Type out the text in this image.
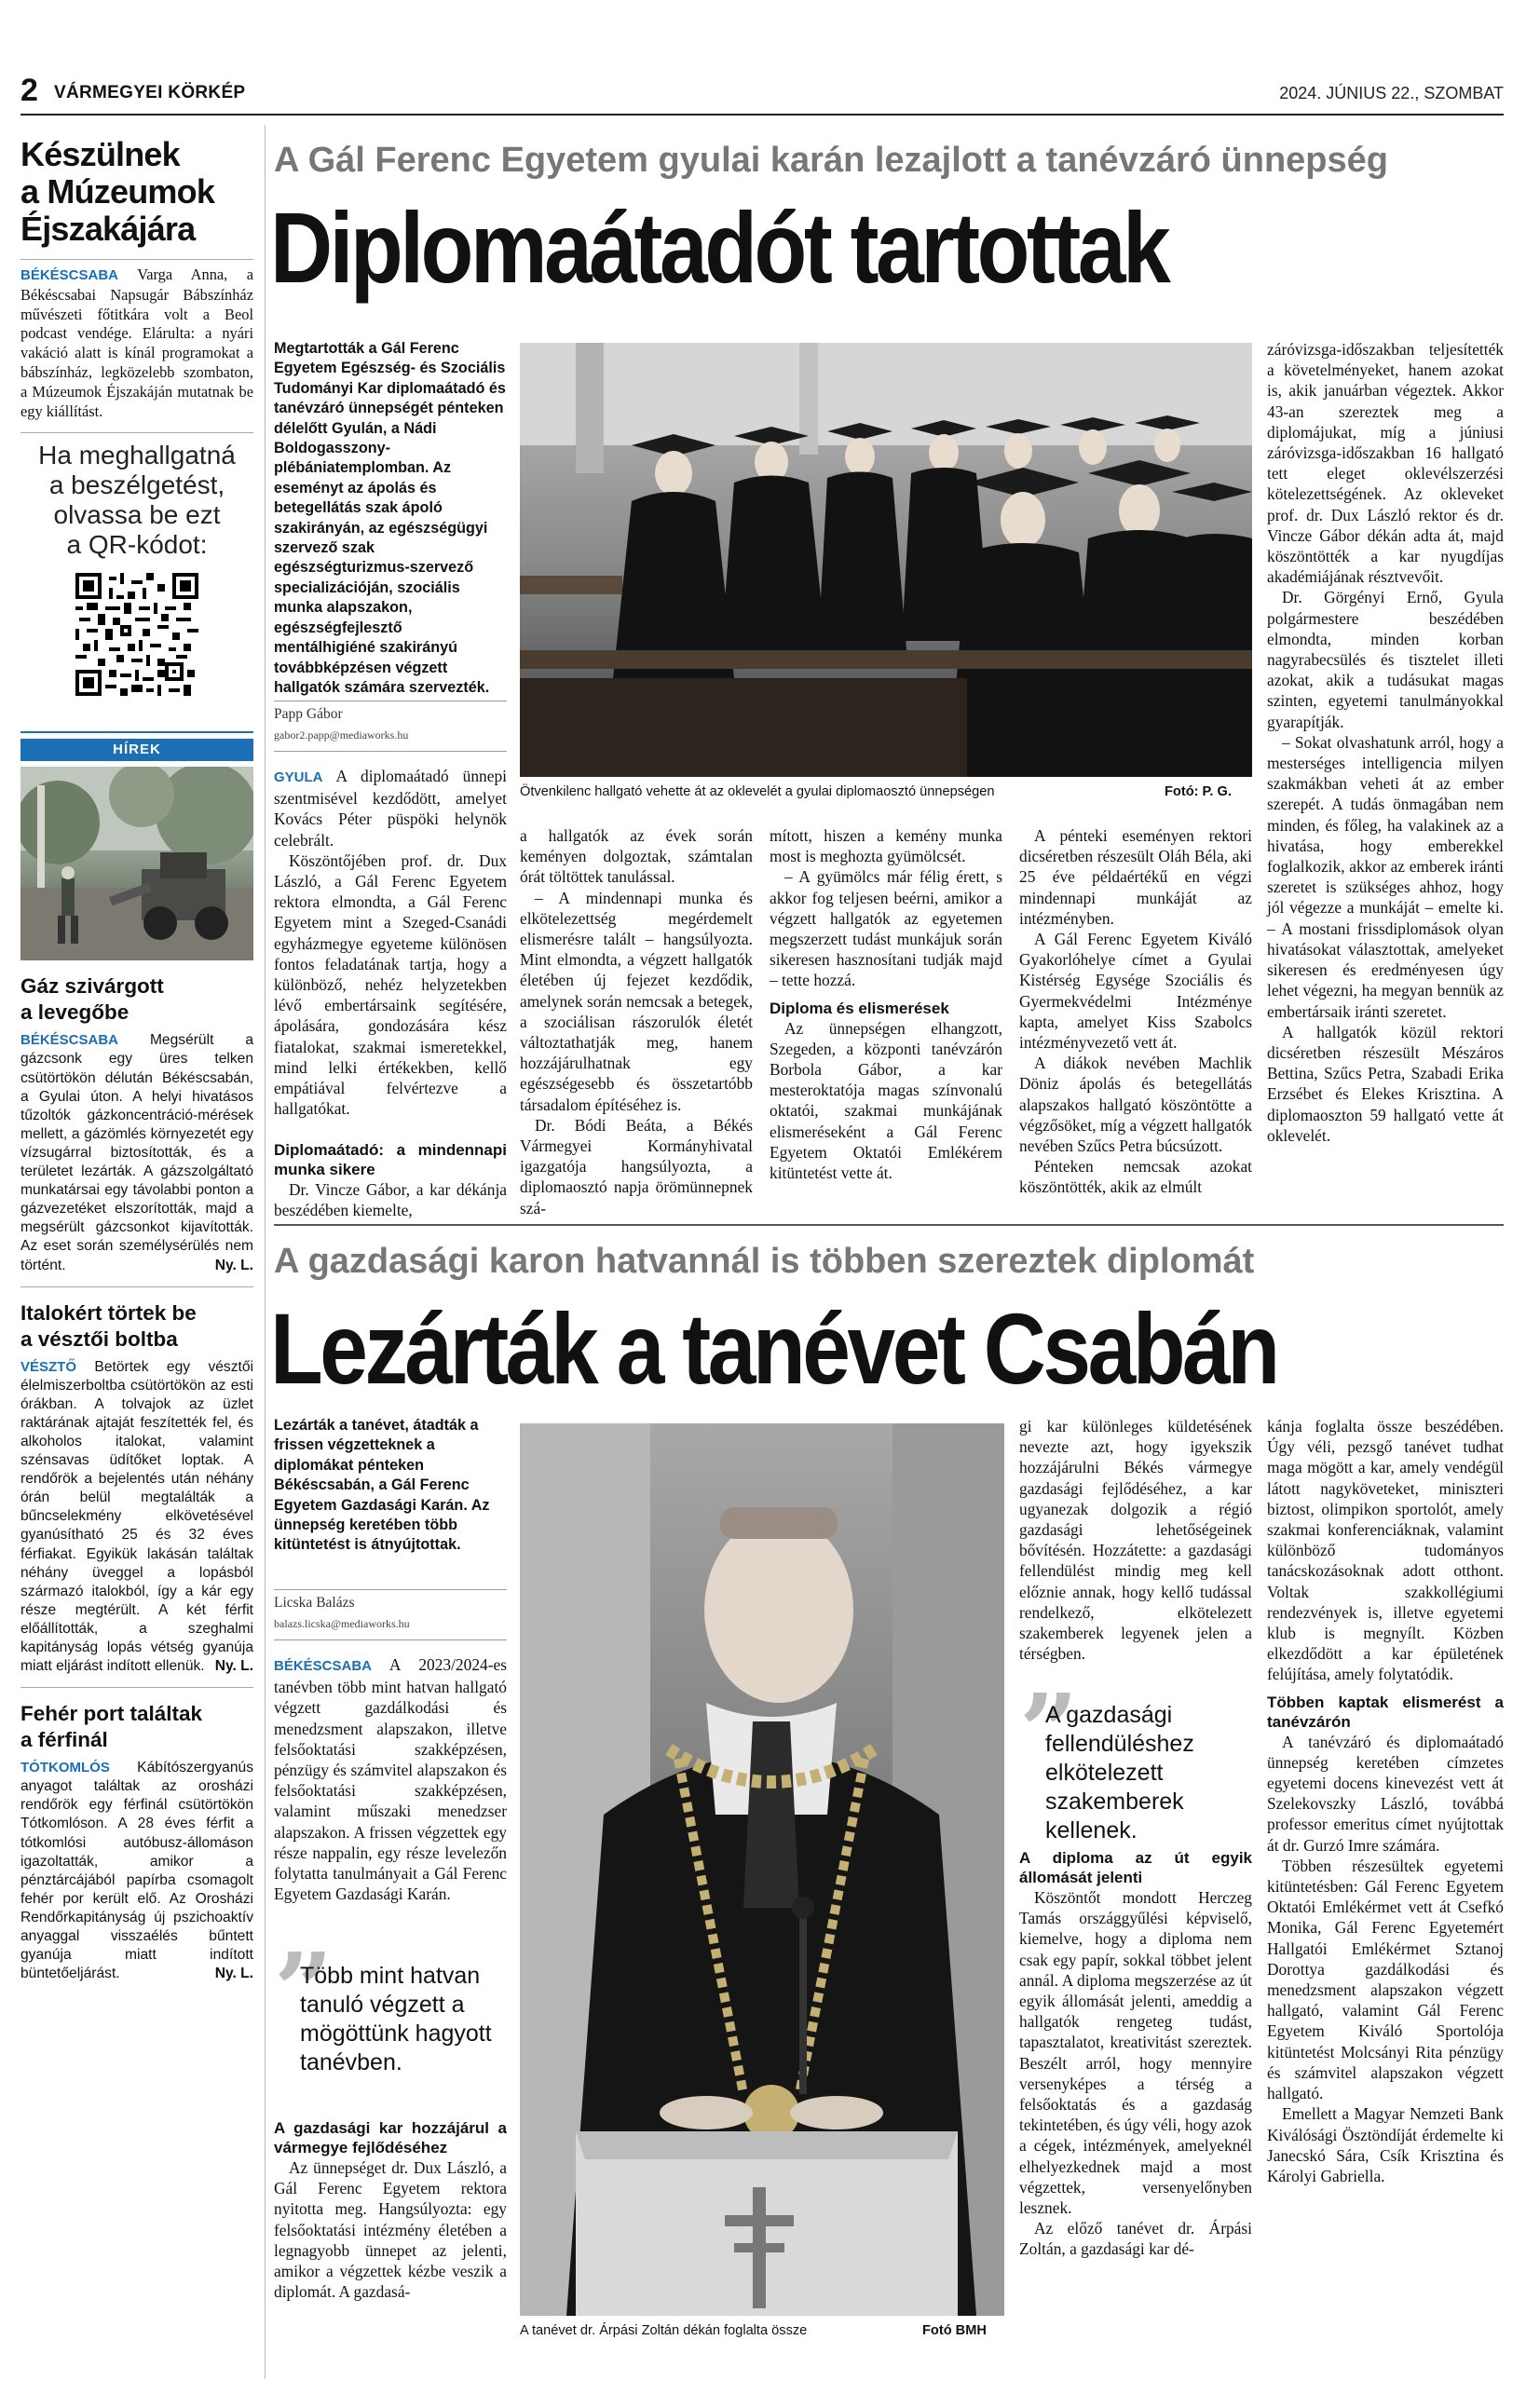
2 VÁRMEGYEI KÖRKÉP	2024. JÚNIUS 22., SZOMBAT
Készülnek
a Múzeumok
Éjszakájára
BÉKÉSCSABA Varga Anna, a Békéscsabai Napsugár Bábszínház művészeti főtitkára volt a Beol podcast vendége. Elárulta: a nyári vakáció alatt is kínál programokat a bábszínház, legközelebb szombaton, a Múzeumok Éjszakáján mutatnak be egy kiállítást.
Ha meghallgatná
a beszélgetést,
olvassa be ezt
a QR-kódot:
HÍREK
Gáz szivárgott
a levegőbe
BÉKÉSCSABA Megsérült a gázcsonk egy üres telken csütörtökön délután Békéscsabán, a Gyulai úton. A helyi hivatásos tűzoltók gázkoncentráció-mérések mellett, a gázömlés környezetét egy vízsugárral biztosították, és a területet lezárták. A gázszolgáltató munkatársai egy távolabbi ponton a gázvezetéket elszorították, majd a megsérült gázcsonkot kijavították. Az eset során személysérülés nem történt.	Ny. L.
Italokért törtek be
a vésztői boltba
VÉSZTŐ Betörtek egy vésztői élelmiszerboltba csütörtökön az esti órákban. A tolvajok az üzlet raktárának ajtaját feszítették fel, és alkoholos italokat, valamint szénsavas üdítőket loptak. A rendőrök a bejelentés után néhány órán belül megtalálták a bűncselekmény elkövetésével gyanúsítható 25 és 32 éves férfiakat. Egyikük lakásán találtak néhány üveggel a lopásból származó italokból, így a kár egy része megtérült. A két férfit előállították, a szeghalmi kapitányság lopás vétség gyanúja miatt eljárást indított ellenük. Ny. L.
Fehér port találtak
a férfinál
TÓTKOMLÓS Kábítószergyanús anyagot találtak az orosházi rendőrök egy férfinál csütörtökön Tótkomlóson. A 28 éves férfit a tótkomlósi autóbusz-állomáson igazoltatták, amikor a pénztárcájából papírba csomagolt fehér por került elő. Az Orosházi Rendőrkapitányság új pszichoaktív anyaggal visszaélés bűntett gyanúja miatt indított büntetőeljárást.	Ny. L.
A Gál Ferenc Egyetem gyulai karán lezajlott a tanévzáró ünnepség
Diplomaátadót tartottak
Megtartották a Gál Ferenc Egyetem Egészség- és Szociális Tudományi Kar diplomaátadó és tanévzáró ünnepségét pénteken délelőtt Gyulán, a Nádi Boldogasszony-plébániatemplomban. Az eseményt az ápolás és betegellátás szak ápoló szakirányán, az egészségügyi szervező szak egészségturizmus-szervező specializációján, szociális munka alapszakon, egészségfejlesztő mentálhigiéné szakirányú továbbképzésen végzett hallgatók számára szervezték.
Papp Gábor
gabor2.papp@mediaworks.hu
Ötvenkilenc hallgató vehette át az oklevelét a gyulai diplomaosztó ünnepségen	Fotó: P. G.

GYULA A diplomaátadó ünnepi szentmisével kezdődött, amelyet Kovács Péter püspöki helynök celebrált.

Köszöntőjében prof. dr. Dux László, a Gál Ferenc Egyetem rektora elmondta, a Gál Ferenc Egyetem mint a Szeged-Csanádi egyházmegye egyetemе különösen fontos feladatának tartja, hogy a különböző, nehéz helyzetekben lévő embertársaink segítésére, ápolására, gondozására kész fiatalokat, szakmai ismeretekkel, mind lelki értékekben, kellő empátiával felvértezve a hallgatókat.

Diplomaátadó: a mindennapi munka sikere

Dr. Vincze Gábor, a kar dékánja beszédében kiemelte,

a hallgatók az évek során keményen dolgoztak, számtalan órát töltöttek tanulással.

– A mindennapi munka és elkötelezettség megérdemelt elismerésre talált – hangsúlyozta. Mint elmondta, a végzett hallgatók életében új fejezet kezdődik, amelynek során nemcsak a betegek, a szociálisan rászorulók életét változtathatják meg, hanem hozzájárulhatnak egy egészségesebb és összetartóbb társadalom építéséhez is.

Dr. Bódi Beáta, a Békés Vármegyei Kormányhivatal igazgatója hangsúlyozta, a diplomaosztó napja örömünnepnek szá-

mított, hiszen a kemény munka most is meghozta gyümölcsét.

– A gyümölcs már félig érett, s akkor fog teljesen beérni, amikor a végzett hallgatók az egyetemen megszerzett tudást munkájuk során sikeresen hasznosítani tudják majd – tette hozzá.

Diploma és elismerések

Az ünnepségen elhangzott, Szegeden, a központi tanévzárón Borbola Gábor, a kar mesteroktatója magas színvonalú oktatói, szakmai munkájának elismeréseként a Gál Ferenc Egyetem Oktatói Emlékérem kitüntetést vette át.

A pénteki eseményen rektori dicséretben részesült Oláh Béla, aki 25 éve példaértékű en végzi mindennapi munkáját az intézményben.

A Gál Ferenc Egyetem Kiváló Gyakorlóhelye címet a Gyulai Kistérség Egysége Szociális és Gyermekvédelmi Intézménye kapta, amelyet Kiss Szabolcs intézményvezető vett át.

A diákok nevében Machlik Döniz ápolás és betegellátás alapszakos hallgató köszöntötte a végzősöket, míg a végzett hallgatók nevében Szűcs Petra búcsúzott.

Pénteken nemcsak azokat köszöntötték, akik az elmúlt

záróvizsga-időszakban teljesítették a követelményeket, hanem azokat is, akik januárban végeztek. Akkor 43-an szereztek meg a diplomájukat, míg a júniusi záróvizsga-időszakban 16 hallgató tett eleget oklevélszerzési kötelezettségének. Az okleveket prof. dr. Dux László rektor és dr. Vincze Gábor dékán adta át, majd köszöntötték a kar nyugdíjas akadémiájának résztvevőit.

Dr. Görgényi Ernő, Gyula polgármestere beszédében elmondta, minden korban nagyrabecsülés és tisztelet illeti azokat, akik a tudásukat magas szinten, egyetemi tanulmányokkal gyarapítják.

– Sokat olvashatunk arról, hogy a mesterséges intelligencia milyen szakmákban veheti át az ember szerepét. A tudás önmagában nem minden, és főleg, ha valakinek az a hivatása, hogy emberekkel foglalkozik, akkor az emberek iránti szeretet is szükséges ahhoz, hogy jól végezze a munkáját – emelte ki. – A mostani frissdiplomások olyan hivatásokat választottak, amelyeket sikeresen és eredményesen úgy lehet végezni, ha megyan bennük az embertársaik iránti szeretet.

A hallgatók közül rektori dicséretben részesült Mészáros Bettina, Szűcs Petra, Szabadi Erika Erzsébet és Elekes Krisztina. A diplomaoszton 59 hallgató vette át oklevelét.

A gazdasági karon hatvannál is többen szereztek diplomát
Lezárták a tanévet Csabán
Lezárták a tanévet, átadták a frissen végzetteknek a diplomákat pénteken Békéscsabán, a Gál Ferenc Egyetem Gazdasági Karán. Az ünnepség keretében több kitüntetést is átnyújtottak.
Licska Balázs
balazs.licska@mediaworks.hu

BÉKÉSCSABA A 2023/2024-es tanévben több mint hatvan hallgató végzett gazdálkodási és menedzsment alapszakon, illetve felsőoktatási szakképzésen, pénzügy és számvitel alapszakon és felsőoktatási szakképzésen, valamint műszaki menedzser alapszakon. A frissen végzettek egy része nappalin, egy része levelezőn folytatta tanulmányait a Gál Ferenc Egyetem Gazdasági Karán.

”
Több mint hatvan tanuló végzett a mögöttünk hagyott tanévben.
A gazdasági kar hozzájárul a vármegye fejlődéséhez

Az ünnepséget dr. Dux László, a Gál Ferenc Egyetem rektora nyitotta meg. Hangsúlyozta: egy felsőoktatási intézmény életében a legnagyobb ünnepet az jelenti, amikor a végzettek kézbe veszik a diplomát. A gazdasá-

A tanévet dr. Árpási Zoltán dékán foglalta össze	Fotó BMH

gi kar különleges küldetésének nevezte azt, hogy igyekszik hozzájárulni Békés vármegye gazdasági fejlődéséhez, a kar ugyanezak dolgozik a régió gazdasági lehetőségeinek bővítésén. Hozzátette: a gazdasági fellendülést mindig meg kell előznie annak, hogy kellő tudással rendelkező, elkötelezett szakemberek legyenek jelen a térségben.

”
A gazdasági fellendüléshez elkötelezett szakemberek kellenek.
A diploma az út egyik állomását jelenti

Köszöntőt mondott Herczeg Tamás országgyűlési képviselő, kiemelve, hogy a diploma nem csak egy papír, sokkal többet jelent annál. A diploma megszerzése az út egyik állomását jelenti, ameddig a hallgatók rengeteg tudást, tapasztalatot, kreativitást szereztek. Beszélt arról, hogy mennyire versenyképes a térség a felsőoktatás és a gazdaság tekintetében, és úgy véli, hogy azok a cégek, intézmények, amelyeknél elhelyezkednek majd a most végzettek, versenyelőnyben lesznek.

Az előző tanévet dr. Árpási Zoltán, a gazdasági kar dé-

kánja foglalta össze beszédében. Úgy véli, pezsgő tanévet tudhat maga mögött a kar, amely vendégül látott nagyköveteket, minisztеri biztost, olimpikon sportolót, amely szakmai konferenciáknak, valamint különböző tudományos tanácskozásoknak adott otthont. Voltak szakkollégiumi rendezvények is, illetve egyetemi klub is megnyílt. Közben elkezdődött a kar épületének felújítása, amely folytatódik.

Többen kaptak elismerést a tanévzárón

A tanévzáró és diplomaátadó ünnepség keretében címzetes egyetemi docens kinevezést vett át Szelekovszky László, továbbá professor emeritus címet nyújtottak át dr. Gurzó Imre számára.

Többen részesültek egyetemi kitüntetésben: Gál Ferenc Egyetem Oktatói Emlékérmet vett át Csefkó Monika, Gál Ferenc Egyetemért Hallgatói Emlékérmet Sztanoj Dorottya gazdálkodási és menedzsment alapszakon végzett hallgató, valamint Gál Ferenc Egyetem Kiváló Sportolója kitüntetést Molcsányi Rita pénzügy és számvitel alapszakon végzett hallgató.

Emellett a Magyar Nemzeti Bank Kiválósági Ösztöndíját érdemelte ki Janecskó Sára, Csík Krisztina és Károlyi Gabriella.
